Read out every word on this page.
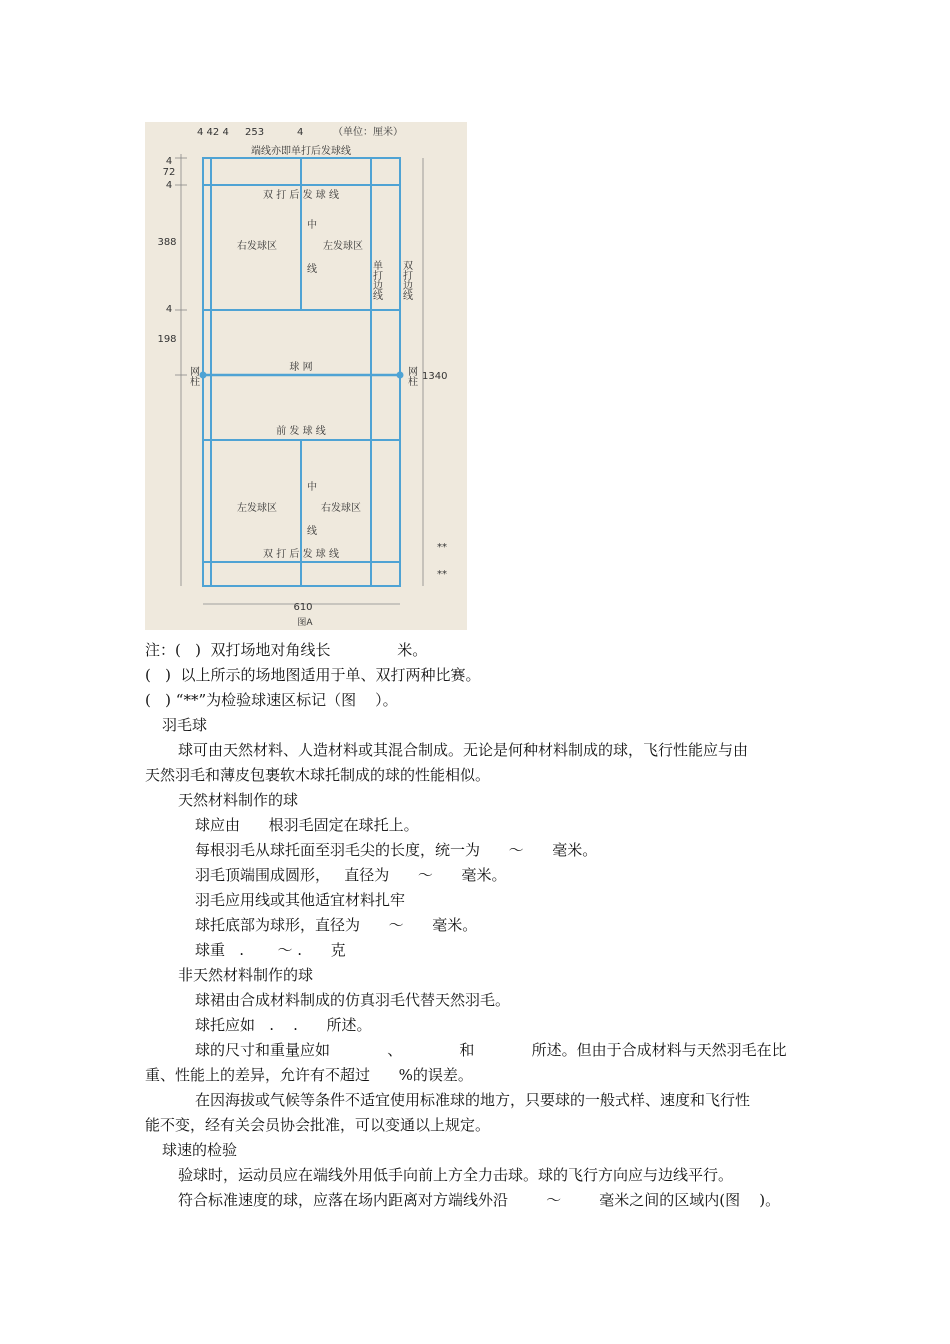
4 42 4 253	4	（单位：厘米）
4
72
4
388
4
198
1340
610
图A
端线亦即单打后发球线
双 打 后 发 球 线
双 打 后 发 球 线
前 发 球 线
球 网
右发球区	左发球区
左发球区	右发球区
中
线
中
线
网柱	网柱
单打边线 双打边线
**
**
注：(   )  双打场地对角线长              米。
(   )  以上所示的场地图适用于单、双打两种比赛。
(   ) “**”为检验球速区标记（图    ）。
羽毛球
球可由天然材料、人造材料或其混合制成。无论是何种材料制成的球，飞行性能应与由
天然羽毛和薄皮包裹软木球托制成的球的性能相似。
天然材料制作的球
球应由      根羽毛固定在球托上。
每根羽毛从球托面至羽毛尖的长度，统一为      ～      毫米。
羽毛顶端围成圆形，   直径为      ～      毫米。
羽毛应用线或其他适宜材料扎牢
球托底部为球形，直径为      ～      毫米。
球重   .       ～ .      克
非天然材料制作的球
球裙由合成材料制成的仿真羽毛代替天然羽毛。
球托应如   .    .      所述。
球的尺寸和重量应如            、            和            所述。但由于合成材料与天然羽毛在比
重、性能上的差异，允许有不超过      %的误差。
在因海拔或气候等条件不适宜使用标准球的地方，只要球的一般式样、速度和飞行性
能不变，经有关会员协会批准，可以变通以上规定。
球速的检验
验球时，运动员应在端线外用低手向前上方全力击球。球的飞行方向应与边线平行。
符合标准速度的球，应落在场内距离对方端线外沿        ～        毫米之间的区域内(图    )。
